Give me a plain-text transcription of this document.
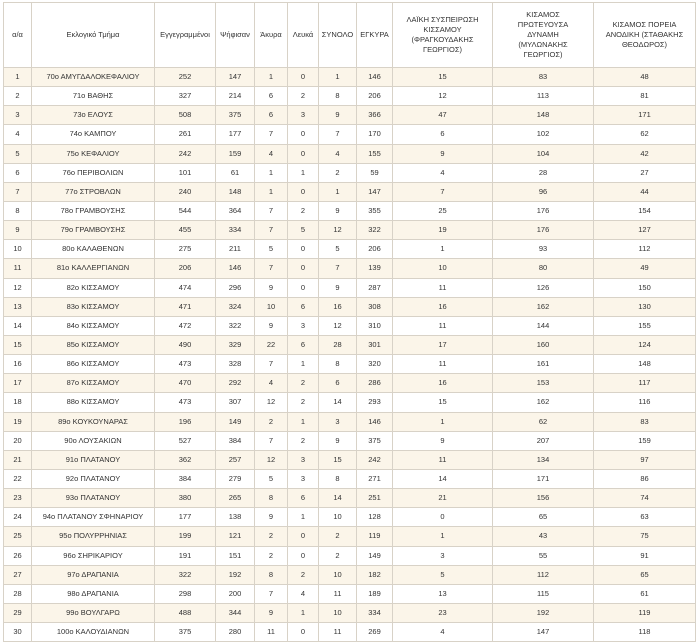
α/α	Εκλογικό Τμήμα	Εγγεγραμμένοι	Ψήφισαν	Άκυρα	Λευκά	ΣΥΝΟΛΟ	ΕΓΚΥΡΑ	ΛΑΪΚΗ ΣΥΣΠΕΙΡΩΣΗ
ΚΙΣΣΑΜΟΥ
(ΦΡΑΓΚΟΥΔΑΚΗΣ
ΓΕΩΡΓΙΟΣ)	ΚΙΣΑΜΟΣ
ΠΡΩΤΕΥΟΥΣΑ
ΔΥΝΑΜΗ
(ΜΥΛΩΝΑΚΗΣ
ΓΕΩΡΓΙΟΣ)	ΚΙΣΑΜΟΣ ΠΟΡΕΙΑ
ΑΝΟΔΙΚΗ (ΣΤΑΘΑΚΗΣ
ΘΕΟΔΩΡΟΣ)

1	70ο ΑΜΥΓΔΑΛΟΚΕΦΑΛΙΟΥ	252	147	1	0	1	146	15	83	48
2	71ο ΒΑΘΗΣ	327	214	6	2	8	206	12	113	81
3	73ο ΕΛΟΥΣ	508	375	6	3	9	366	47	148	171
4	74ο ΚΑΜΠΟΥ	261	177	7	0	7	170	6	102	62
5	75ο ΚΕΦΑΛΙΟΥ	242	159	4	0	4	155	9	104	42
6	76ο ΠΕΡΙΒΟΛΙΩΝ	101	61	1	1	2	59	4	28	27
7	77ο ΣΤΡΟΒΛΩΝ	240	148	1	0	1	147	7	96	44
8	78ο ΓΡΑΜΒΟΥΣΗΣ	544	364	7	2	9	355	25	176	154
9	79ο ΓΡΑΜΒΟΥΣΗΣ	455	334	7	5	12	322	19	176	127
10	80ο ΚΑΛΑΘΕΝΩΝ	275	211	5	0	5	206	1	93	112
11	81ο ΚΑΛΛΕΡΓΙΑΝΩΝ	206	146	7	0	7	139	10	80	49
12	82ο ΚΙΣΣΑΜΟΥ	474	296	9	0	9	287	11	126	150
13	83ο ΚΙΣΣΑΜΟΥ	471	324	10	6	16	308	16	162	130
14	84ο ΚΙΣΣΑΜΟΥ	472	322	9	3	12	310	11	144	155
15	85ο ΚΙΣΣΑΜΟΥ	490	329	22	6	28	301	17	160	124
16	86ο ΚΙΣΣΑΜΟΥ	473	328	7	1	8	320	11	161	148
17	87ο ΚΙΣΣΑΜΟΥ	470	292	4	2	6	286	16	153	117
18	88ο ΚΙΣΣΑΜΟΥ	473	307	12	2	14	293	15	162	116
19	89ο ΚΟΥΚΟΥΝΑΡΑΣ	196	149	2	1	3	146	1	62	83
20	90ο ΛΟΥΣΑΚΙΩΝ	527	384	7	2	9	375	9	207	159
21	91ο ΠΛΑΤΑΝΟΥ	362	257	12	3	15	242	11	134	97
22	92ο ΠΛΑΤΑΝΟΥ	384	279	5	3	8	271	14	171	86
23	93ο ΠΛΑΤΑΝΟΥ	380	265	8	6	14	251	21	156	74
24	94ο ΠΛΑΤΑΝΟΥ ΣΦΗΝΑΡΙΟΥ	177	138	9	1	10	128	0	65	63
25	95ο ΠΟΛΥΡΡΗΝΙΑΣ	199	121	2	0	2	119	1	43	75
26	96ο ΣΗΡΙΚΑΡΙΟΥ	191	151	2	0	2	149	3	55	91
27	97ο ΔΡΑΠΑΝΙΑ	322	192	8	2	10	182	5	112	65
28	98ο ΔΡΑΠΑΝΙΑ	298	200	7	4	11	189	13	115	61
29	99ο ΒΟΥΛΓΑΡΩ	488	344	9	1	10	334	23	192	119
30	100ο ΚΑΛΟΥΔΙΑΝΩΝ	375	280	11	0	11	269	4	147	118
